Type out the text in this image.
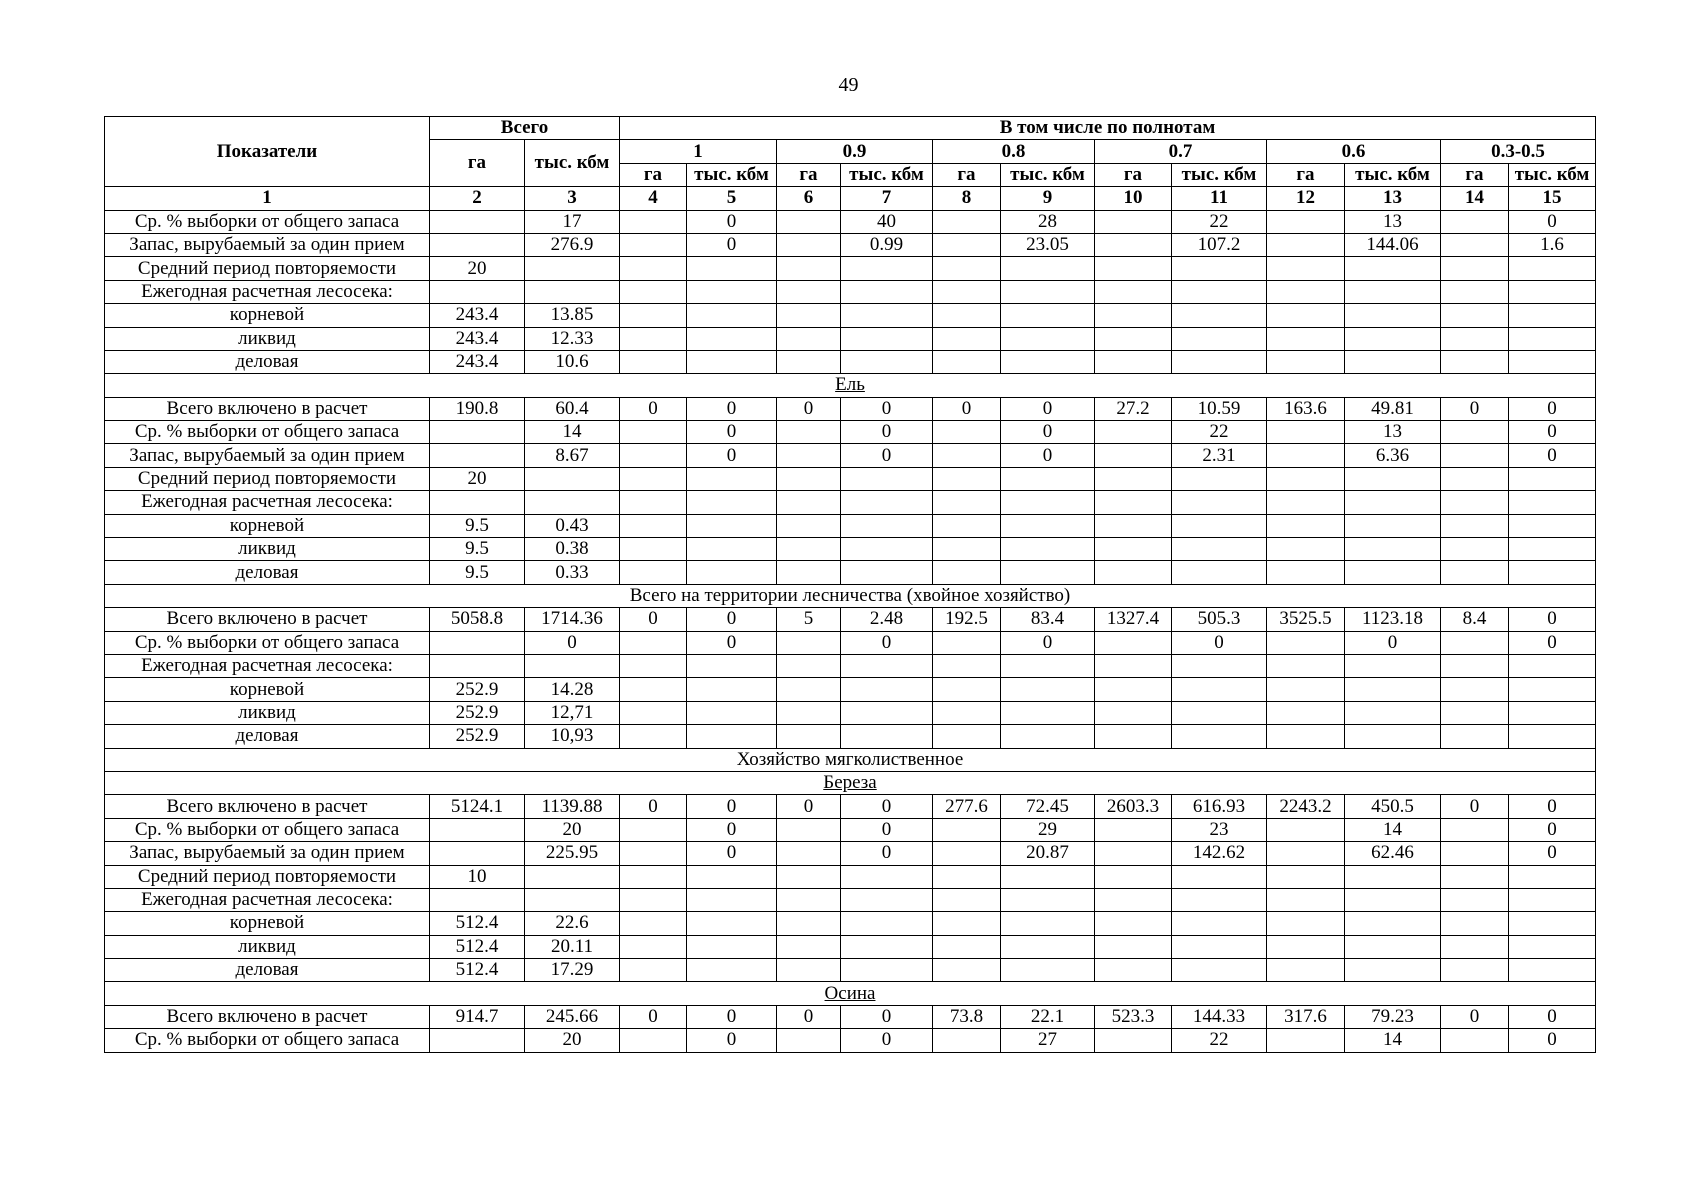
49
Показатели	Всего		В том числе по полнотам											
	га	тыс. кбм	1		0.9		0.8		0.7		0.6		0.3-0.5	
			га	тыс. кбм	га	тыс. кбм	га	тыс. кбм	га	тыс. кбм	га	тыс. кбм	га	тыс. кбм
1	2	3	4	5	6	7	8	9	10	11	12	13	14	15
Ср. % выборки от общего запаса		17		0		40		28		22		13		0
Запас, вырубаемый за один прием		276.9		0		0.99		23.05		107.2		144.06		1.6
Средний период повторяемости	20													
Ежегодная расчетная лесосека:														
корневой	243.4	13.85												
ликвид	243.4	12.33												
деловая	243.4	10.6												
Ель														
Всего включено в расчет	190.8	60.4	0	0	0	0	0	0	27.2	10.59	163.6	49.81	0	0
Ср. % выборки от общего запаса		14		0		0		0		22		13		0
Запас, вырубаемый за один прием		8.67		0		0		0		2.31		6.36		0
Средний период повторяемости	20													
Ежегодная расчетная лесосека:														
корневой	9.5	0.43												
ликвид	9.5	0.38												
деловая	9.5	0.33												
Всего на территории лесничества (хвойное хозяйство)														
Всего включено в расчет	5058.8	1714.36	0	0	5	2.48	192.5	83.4	1327.4	505.3	3525.5	1123.18	8.4	0
Ср. % выборки от общего запаса		0		0		0		0		0		0		0
Ежегодная расчетная лесосека:														
корневой	252.9	14.28												
ликвид	252.9	12,71												
деловая	252.9	10,93												
Хозяйство мягколиственное														
Береза														
Всего включено в расчет	5124.1	1139.88	0	0	0	0	277.6	72.45	2603.3	616.93	2243.2	450.5	0	0
Ср. % выборки от общего запаса		20		0		0		29		23		14		0
Запас, вырубаемый за один прием		225.95		0		0		20.87		142.62		62.46		0
Средний период повторяемости	10													
Ежегодная расчетная лесосека:														
корневой	512.4	22.6												
ликвид	512.4	20.11												
деловая	512.4	17.29												
Осина														
Всего включено в расчет	914.7	245.66	0	0	0	0	73.8	22.1	523.3	144.33	317.6	79.23	0	0
Ср. % выборки от общего запаса		20		0		0		27		22		14		0
